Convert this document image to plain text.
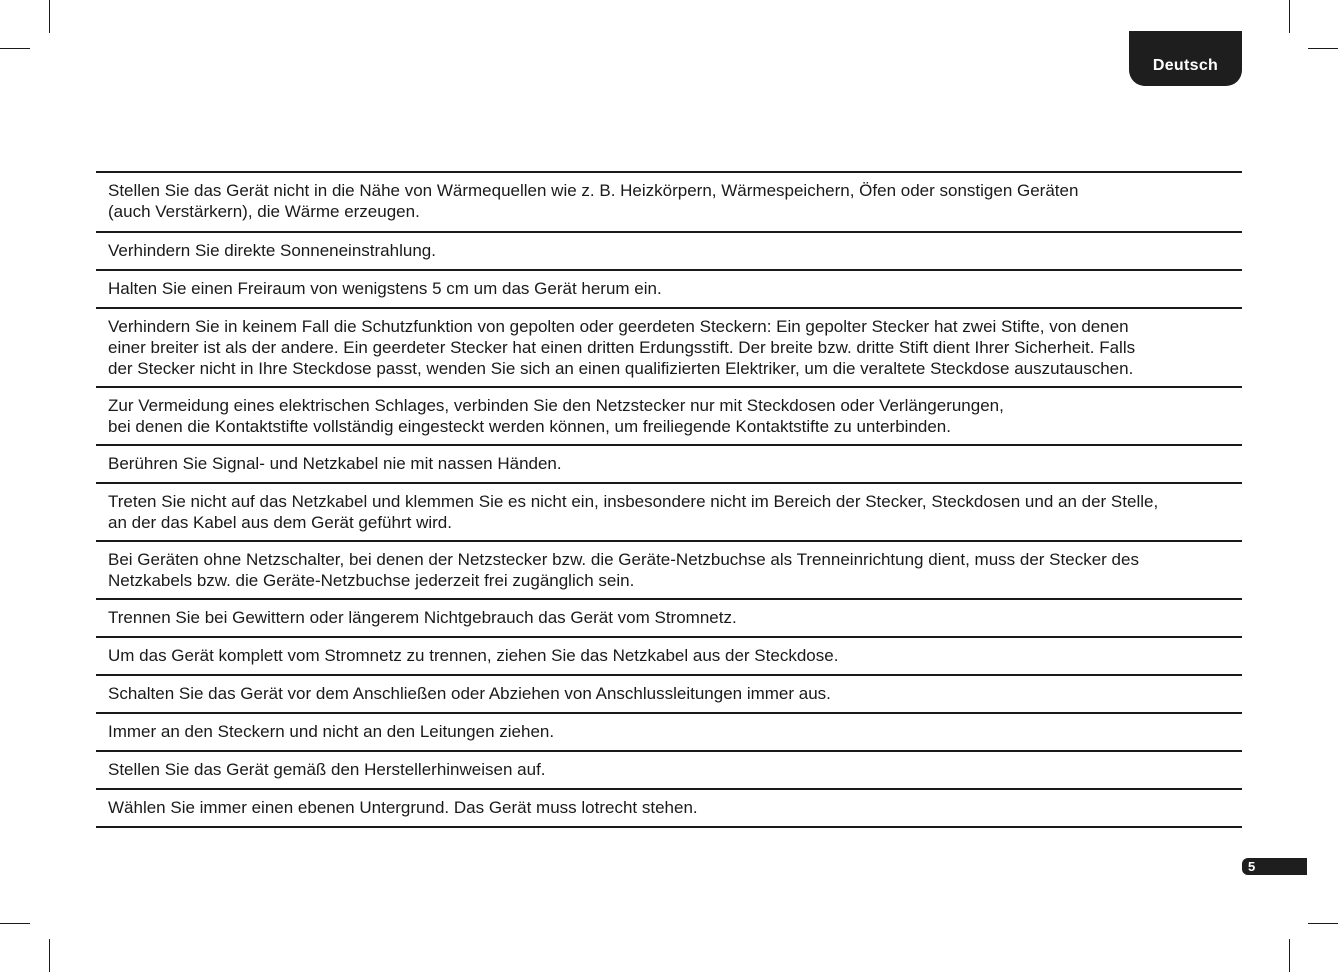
Deutsch
Stellen Sie das Gerät nicht in die Nähe von Wärmequellen wie z. B. Heizkörpern, Wärmespeichern, Öfen oder sonstigen Geräten
(auch Verstärkern), die Wärme erzeugen.
Verhindern Sie direkte Sonneneinstrahlung.
Halten Sie einen Freiraum von wenigstens 5 cm um das Gerät herum ein.
Verhindern Sie in keinem Fall die Schutzfunktion von gepolten oder geerdeten Steckern: Ein gepolter Stecker hat zwei Stifte, von denen
einer breiter ist als der andere. Ein geerdeter Stecker hat einen dritten Erdungsstift. Der breite bzw. dritte Stift dient Ihrer Sicherheit. Falls
der Stecker nicht in Ihre Steckdose passt, wenden Sie sich an einen qualifizierten Elektriker, um die veraltete Steckdose auszutauschen.
Zur Vermeidung eines elektrischen Schlages, verbinden Sie den Netzstecker nur mit Steckdosen oder Verlängerungen,
bei denen die Kontaktstifte vollständig eingesteckt werden können, um freiliegende Kontaktstifte zu unterbinden.
Berühren Sie Signal- und Netzkabel nie mit nassen Händen.
Treten Sie nicht auf das Netzkabel und klemmen Sie es nicht ein, insbesondere nicht im Bereich der Stecker, Steckdosen und an der Stelle,
an der das Kabel aus dem Gerät geführt wird.
Bei Geräten ohne Netzschalter, bei denen der Netzstecker bzw. die Geräte-Netzbuchse als Trenneinrichtung dient, muss der Stecker des
Netzkabels bzw. die Geräte-Netzbuchse jederzeit frei zugänglich sein.
Trennen Sie bei Gewittern oder längerem Nichtgebrauch das Gerät vom Stromnetz.
Um das Gerät komplett vom Stromnetz zu trennen, ziehen Sie das Netzkabel aus der Steckdose.
Schalten Sie das Gerät vor dem Anschließen oder Abziehen von Anschlussleitungen immer aus.
Immer an den Steckern und nicht an den Leitungen ziehen.
Stellen Sie das Gerät gemäß den Herstellerhinweisen auf.
Wählen Sie immer einen ebenen Untergrund. Das Gerät muss lotrecht stehen.
5
